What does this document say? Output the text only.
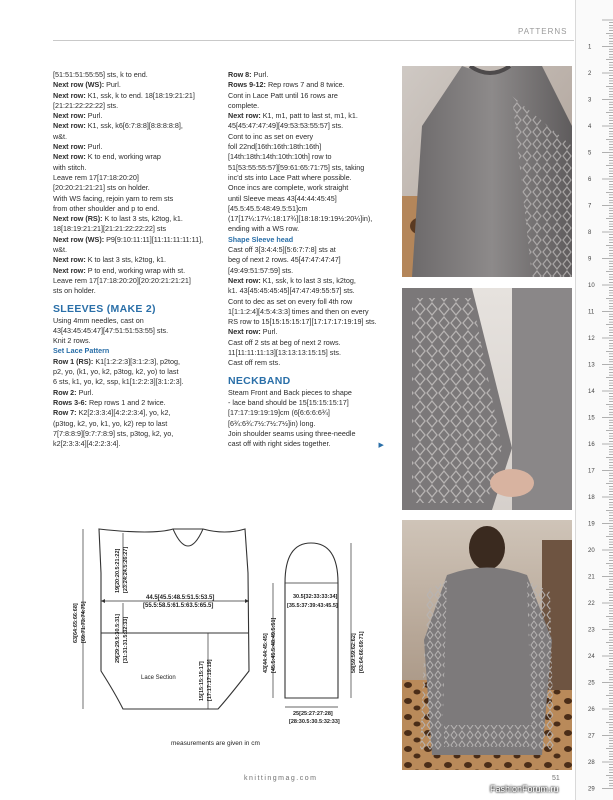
PATTERNS
[51:51:51:55:55] sts, k to end.
Next row (WS): Purl.
Next row: K1, ssk, k to end. 18[18:19:21:21]
[21:21:22:22:22] sts.
Next row: Purl.
Next row: K1, ssk, k6[6:7:8:8][8:8:8:8:8],
w&t.
Next row: Purl.
Next row: K to end, working wrap
with stitch.
Leave rem 17[17:18:20:20]
[20:20:21:21:21] sts on holder.
With WS facing, rejoin yarn to rem sts
from other shoulder and p to end.
Next row (RS): K to last 3 sts, k2tog, k1.
18[18:19:21:21][21:21:22:22:22] sts
Next row (WS): P9[9:10:11:11][11:11:11:11:11],
w&t.
Next row: K to last 3 sts, k2tog, k1.
Next row: P to end, working wrap with st.
Leave rem 17[17:18:20:20][20:20:21:21:21]
sts on holder.
SLEEVES (MAKE 2)
Using 4mm needles, cast on
43[43:45:45:47][47:51:51:53:55] sts.
Knit 2 rows.
Set Lace Pattern
Row 1 (RS): K1[1:2:2:3][3:1:2:3], p2tog,
p2, yo, (k1, yo, k2, p3tog, k2, yo) to last
6 sts, k1, yo, k2, ssp, k1[1:2:2:3][3:1:2:3].
Row 2: Purl.
Rows 3-6: Rep rows 1 and 2 twice.
Row 7: K2[2:3:3:4][4:2:2:3:4], yo, k2,
(p3tog, k2, yo, k1, yo, k2) rep to last
7[7:8:8:9][9:7:7:8:9] sts, p3tog, k2, yo,
k2[2:3:3:4][4:2:2:3:4].
Row 8: Purl.
Rows 9-12: Rep rows 7 and 8 twice.
Cont in Lace Patt until 16 rows are
complete.
Next row: K1, m1, patt to last st, m1, k1.
45[45:47:47:49][49:53:53:55:57] sts.
Cont to inc as set on every
foll 22nd[16th:16th:18th:16th]
[14th:18th:14th:10th:10th] row to
51[53:55:55:57][59:61:65:71:75] sts, taking
inc'd sts into Lace Patt where possible.
Once incs are complete, work straight
until Sleeve meas 43[44:44:45:45]
[45.5:45.5:48:49.5:51]cm
(17[17¼:17¼:18:17¾][18:18:19:19½:20¼]in),
ending with a WS row.
Shape Sleeve head
Cast off 3[3:4:4:5][5:6:7:7:8] sts at
beg of next 2 rows. 45[47:47:47:47]
[49:49:51:57:59] sts.
Next row: K1, ssk, k to last 3 sts, k2tog,
k1. 43[45:45:45:45][47:47:49:55:57] sts.
Cont to dec as set on every foll 4th row
1[1:1:2:4][4:5:4:3:3] times and then on every
RS row to 15[15:15:15:17][17:17:17:19:19] sts.
Next row: Purl.
Cast off 2 sts at beg of next 2 rows.
11[11:11:11:13][13:13:13:15:15] sts.
Cast off rem sts.
NECKBAND
Steam Front and Back pieces to shape
- lace band should be 15[15:15:15:17]
[17:17:19:19:19]cm (6[6:6:6:6¾]
[6¾:6¾:7½:7½:7½]in) long.
Join shoulder seams using three-needle
cast off with right sides together.	▶
44.5[45.5:48.5:51.5:53.5]
[55.5:58.5:61.5:63.5:65.5]
19[20:20.5:21:22] [23:24:24.5:26:27]
63[64:65:66:68] [69:71:73:74:75]	29[29:29.5:30.5:31] [31:31:31.5:32:33]
Lace Section	15[15:15:15:17] [17:17:17:19:19]
30.5[32:33:33:34]
[35.5:37:39:43:45.5]
43[44:44:45:45] [45.5:45.5:48:49.5:51]	58[59:59:62:62] [63:64:66:69:71]
25[25:27:27:28]
[28:30.5:30.5:32:33]
measurements are given in cm
1
2
3
4
5
6
7
8
9
10
11
12
13
14
15
16
17
18
19
20
21
22
23
24
25
26
27
28
29
knittingmag.com	51
FashionForum.ru
